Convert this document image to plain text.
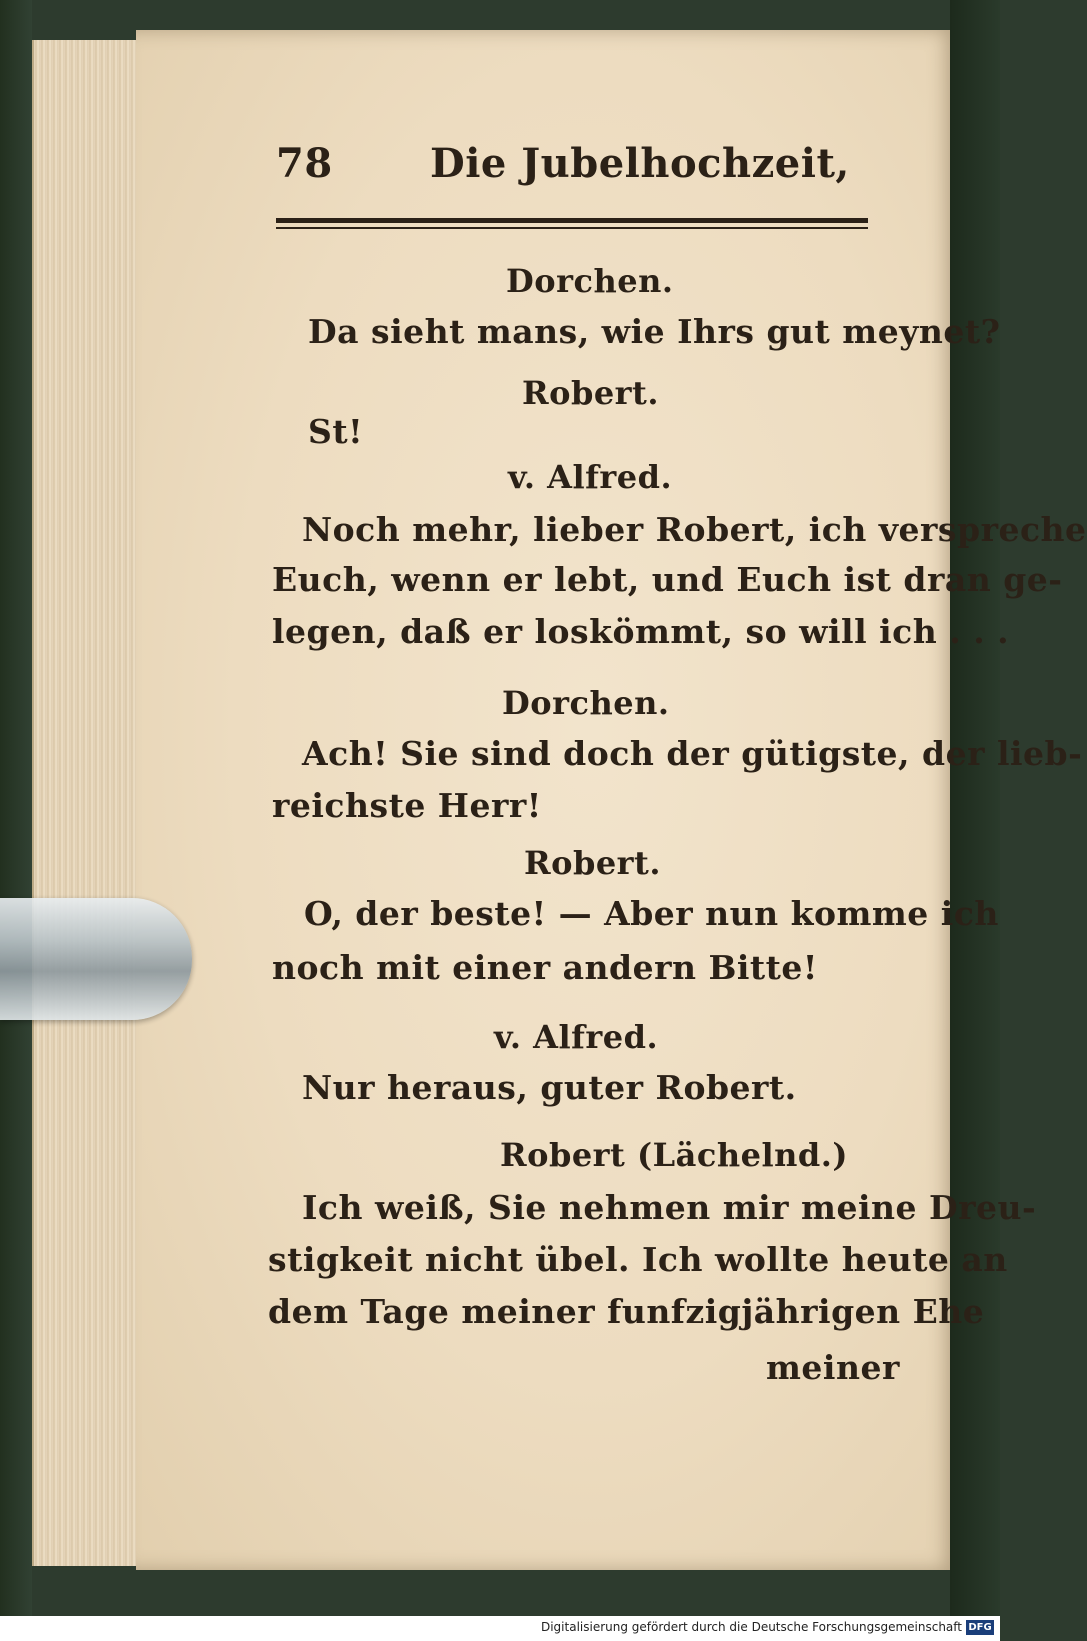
78 Die Jubelhochzeit,
Dorchen.
Da sieht mans, wie Ihrs gut meynet?
Robert.
St!
v. Alfred.
Noch mehr, lieber Robert, ich verspreche
Euch, wenn er lebt, und Euch ist dran ge-
legen, daß er loskömmt, so will ich . . .
Dorchen.
Ach! Sie sind doch der gütigste, der lieb-
reichste Herr!
Robert.
O, der beste! — Aber nun komme ich
noch mit einer andern Bitte!
v. Alfred.
Nur heraus, guter Robert.
Robert (Lächelnd.)
Ich weiß, Sie nehmen mir meine Dreu-
stigkeit nicht übel. Ich wollte heute an
dem Tage meiner funfzigjährigen Ehe
meiner
Digitalisierung gefördert durch die Deutsche Forschungsgemeinschaft DFG
